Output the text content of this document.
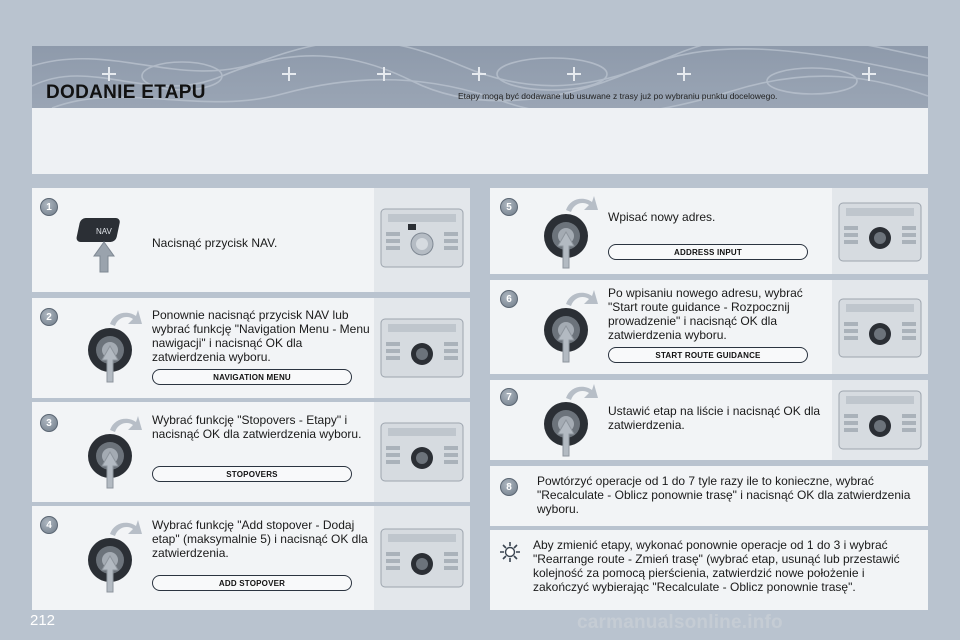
DODANIE ETAPU	Etapy mogą być dodawane lub usuwane z trasy już po wybraniu punktu docelowego.
1
2
3
4
5
6
7
8
NAV
Nacisnąć przycisk NAV.
Ponownie nacisnąć przycisk NAV lub wybrać funkcję "Navigation Menu - Menu nawigacji" i nacisnąć OK dla zatwierdzenia wyboru.
Wybrać funkcję "Stopovers - Etapy" i nacisnąć OK dla zatwierdzenia wyboru.
Wybrać funkcję "Add stopover - Dodaj etap" (maksymalnie 5) i nacisnąć OK dla zatwierdzenia.
Wpisać nowy adres.
Po wpisaniu nowego adresu, wybrać "Start route guidance - Rozpocznij prowadzenie" i nacisnąć OK dla zatwierdzenia wyboru.
Ustawić etap na liście i nacisnąć OK dla zatwierdzenia.
Powtórzyć operacje od 1 do 7 tyle razy ile to konieczne, wybrać "Recalculate - Oblicz ponownie trasę" i nacisnąć OK dla zatwierdzenia wyboru.
NAVIGATION MENU
STOPOVERS
ADD STOPOVER
ADDRESS INPUT
START ROUTE GUIDANCE
Aby zmienić etapy, wykonać ponownie operacje od 1 do 3 i wybrać "Rearrange route - Zmień trasę" (wybrać etap, usunąć lub przestawić kolejność za pomocą pierścienia, zatwierdzić nowe położenie i zakończyć wybierając "Recalculate - Oblicz ponownie trasę".
212	carmanualsonline.info
